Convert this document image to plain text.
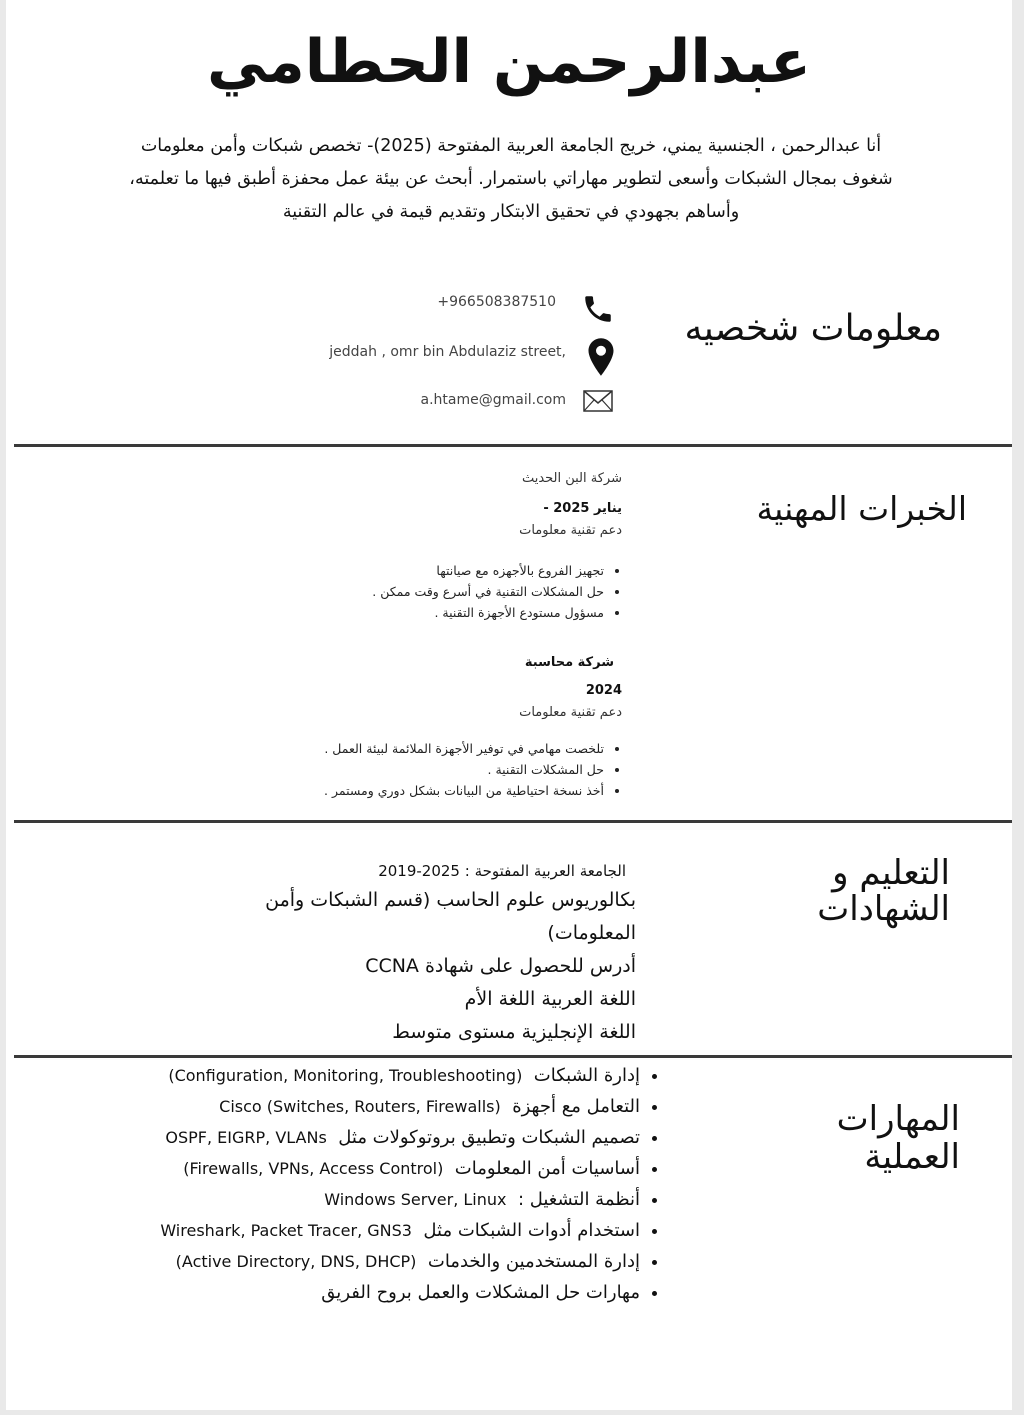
عبدالرحمن الحطامي
أنا عبدالرحمن ، الجنسية يمني، خريج الجامعة العربية المفتوحة (2025)- تخصص شبكات وأمن معلومات
شغوف بمجال الشبكات وأسعى لتطوير مهاراتي باستمرار. أبحث عن بيئة عمل محفزة أطبق فيها ما تعلمته،
وأساهم بجهودي في تحقيق الابتكار وتقديم قيمة في عالم التقنية
معلومات شخصيه
+966508387510
jeddah , omr bin Abdulaziz street,
a.htame@gmail.com
الخبرات المهنية
شركة البن الحديث
يناير 2025 -
دعم تقنية معلومات
• تجهيز الفروع بالأجهزه مع صيانتها
• حل المشكلات التقنية في أسرع وقت ممكن .
• مسؤول مستودع الأجهزة التقنية .
شركة محاسبة
2024
دعم تقنية معلومات
• تلخصت مهامي في توفير الأجهزة الملائمة لبيئة العمل .
• حل المشكلات التقنية .
• أخذ نسخة احتياطية من البيانات بشكل دوري ومستمر .
التعليم و
الشهادات
الجامعة العربية المفتوحة : 2025-2019
بكالوريوس علوم الحاسب (قسم الشبكات وأمن
المعلومات)
أدرس للحصول على شهادة CCNA
اللغة العربية اللغة الأم
اللغة الإنجليزية مستوى متوسط
المهارات
العملية
• إدارة الشبكات  (Configuration, Monitoring, Troubleshooting)
• التعامل مع أجهزة  Cisco (Switches, Routers, Firewalls)
• تصميم الشبكات وتطبيق بروتوكولات مثل  OSPF, EIGRP, VLANs
• أساسيات أمن المعلومات  (Firewalls, VPNs, Access Control)
• أنظمة التشغيل :  Windows Server, Linux
• استخدام أدوات الشبكات مثل  Wireshark, Packet Tracer, GNS3
• إدارة المستخدمين والخدمات  (Active Directory, DNS, DHCP)
• مهارات حل المشكلات والعمل بروح الفريق
